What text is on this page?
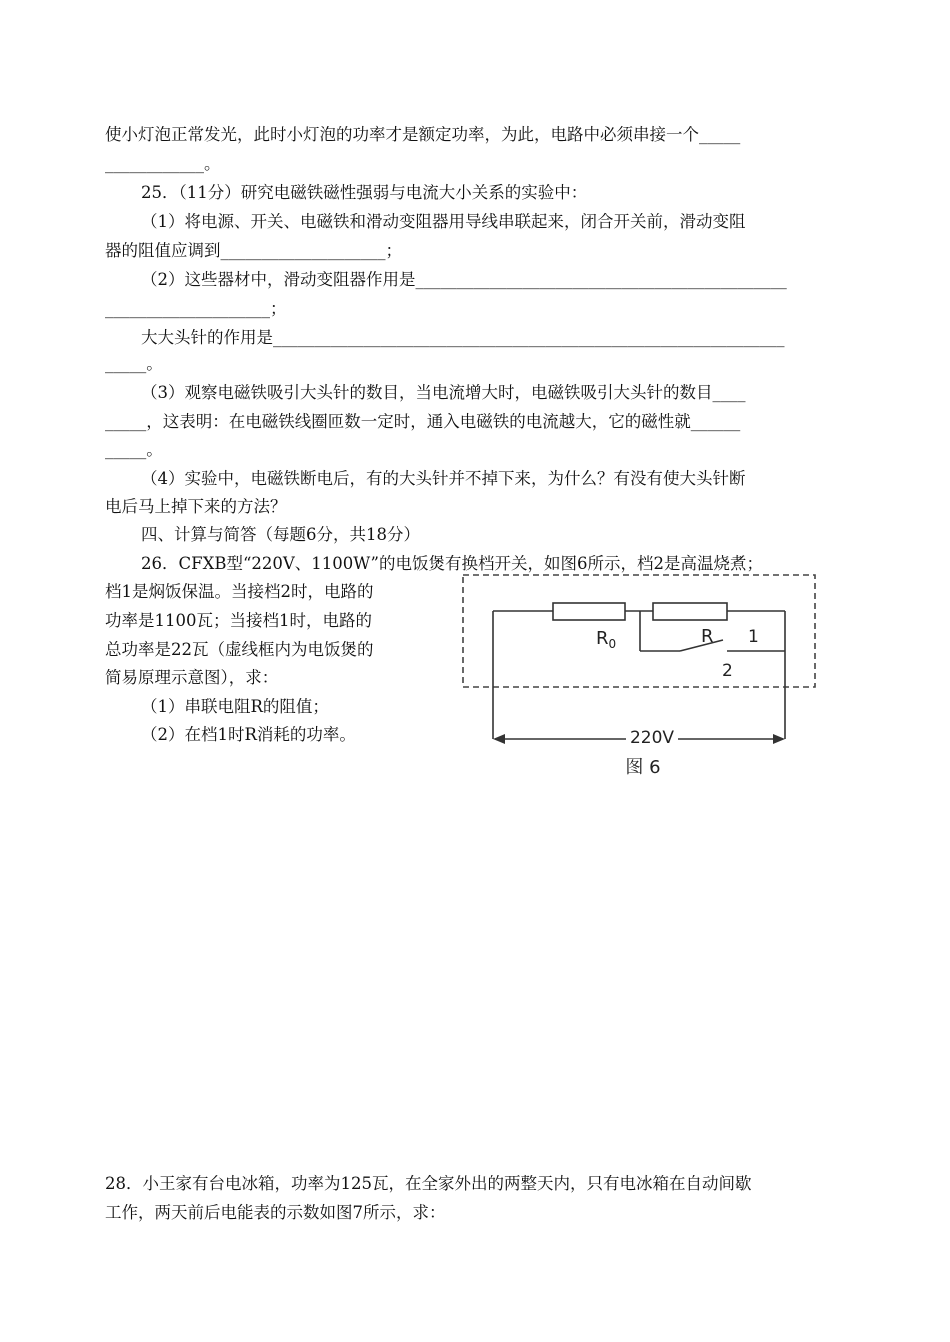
使小灯泡正常发光，此时小灯泡的功率才是额定功率，为此，电路中必须串接一个_____
____________。
25．（11分）研究电磁铁磁性强弱与电流大小关系的实验中：
（1）将电源、开关、电磁铁和滑动变阻器用导线串联起来，闭合开关前，滑动变阻
器的阻值应调到____________________；
（2）这些器材中，滑动变阻器作用是_____________________________________________
____________________；
大大头针的作用是______________________________________________________________
_____。
（3）观察电磁铁吸引大头针的数目，当电流增大时，电磁铁吸引大头针的数目____
_____，这表明：在电磁铁线圈匝数一定时，通入电磁铁的电流越大，它的磁性就______
_____。
（4）实验中，电磁铁断电后，有的大头针并不掉下来，为什么？有没有使大头针断
电后马上掉下来的方法？
四、计算与简答（每题6分，共18分）
26．CFXB型“220V、1100W”的电饭煲有换档开关，如图6所示，档2是高温烧煮；
档1是焖饭保温。当接档2时，电路的
功率是1100瓦；当接档1时，电路的
总功率是22瓦（虚线框内为电饭煲的
简易原理示意图），求：
（1）串联电阻R的阻值；
（2）在档1时R消耗的功率。
$R_0$	R 1
2
220V
图 6
28．小王家有台电冰箱，功率为125瓦，在全家外出的两整天内，只有电冰箱在自动间歇
工作，两天前后电能表的示数如图7所示，求：
